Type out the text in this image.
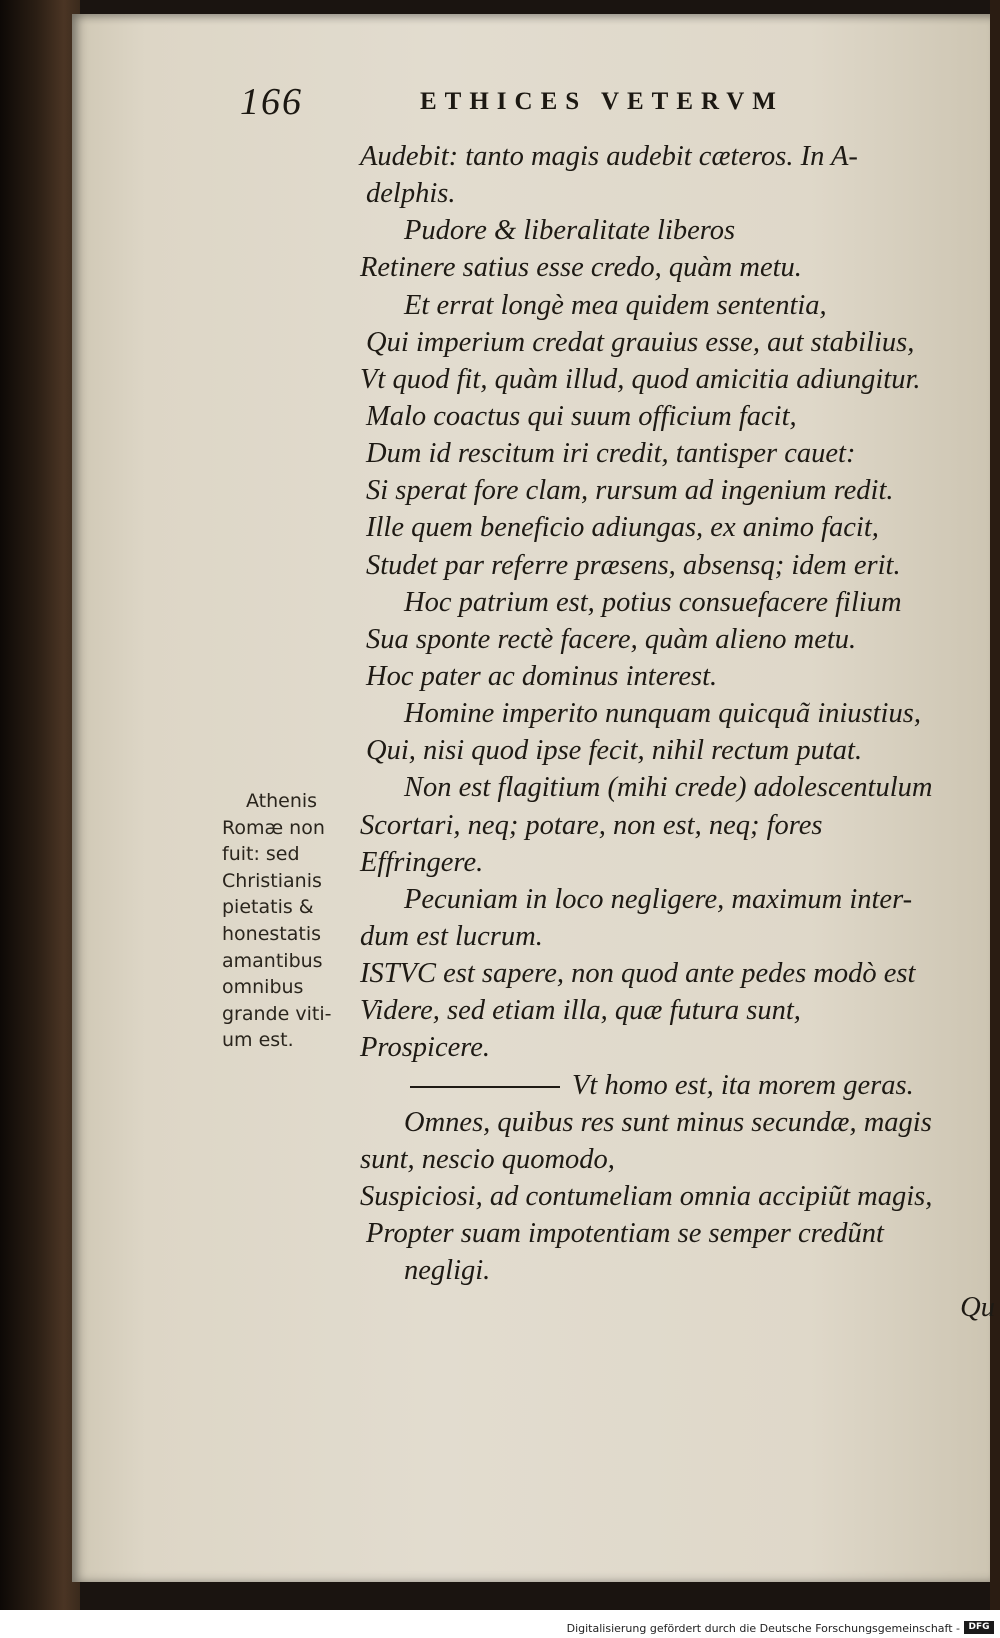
166	ETHICES VETERVM
Audebit: tanto magis audebit cæteros. In A-
delphis.
Pudore & liberalitate liberos
Retinere satius esse credo, quàm metu.
Et errat longè mea quidem sententia,
Qui imperium credat grauius esse, aut stabilius,
Vt quod fit, quàm illud, quod amicitia adiungitur.
Malo coactus qui suum officium facit,
Dum id rescitum iri credit, tantisper cauet:
Si sperat fore clam, rursum ad ingenium redit.
Ille quem beneficio adiungas, ex animo facit,
Studet par referre præsens, absensq; idem erit.
Hoc patrium est, potius consuefacere filium
Sua sponte rectè facere, quàm alieno metu.
Hoc pater ac dominus interest.
Homine imperito nunquam quicquã iniustius,
Qui, nisi quod ipse fecit, nihil rectum putat.
Non est flagitium (mihi crede) adolescentulum
Scortari, neq; potare, non est, neq; fores
Effringere.
Pecuniam in loco negligere, maximum inter-
dum est lucrum.
ISTVC est sapere, non quod ante pedes modò est
Videre, sed etiam illa, quæ futura sunt,
Prospicere.
Vt homo est, ita morem geras.
Omnes, quibus res sunt minus secundæ, magis
sunt, nescio quomodo,
Suspiciosi, ad contumeliam omnia accipiũt magis,
Propter suam impotentiam se semper credũnt
negligi.
Qu
Athenis
Romæ non
fuit: sed
Christianis
pietatis &
honestatis
amantibus
omnibus
grande viti-
um est.
Digitalisierung gefördert durch die Deutsche Forschungsgemeinschaft - DFG
